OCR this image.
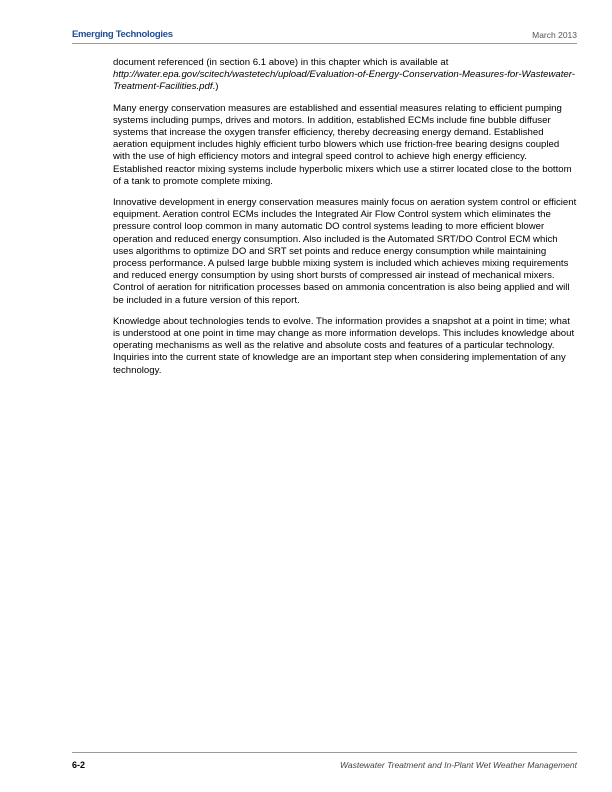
Emerging Technologies	March 2013

document referenced (in section 6.1 above) in this chapter which is available at http://water.epa.gov/scitech/wastetech/upload/Evaluation-of-Energy-Conservation-Measures-for-Wastewater-Treatment-Facilities.pdf.)

Many energy conservation measures are established and essential measures relating to efficient pumping systems including pumps, drives and motors. In addition, established ECMs include fine bubble diffuser systems that increase the oxygen transfer efficiency, thereby decreasing energy demand. Established aeration equipment includes highly efficient turbo blowers which use friction-free bearing designs coupled with the use of high efficiency motors and integral speed control to achieve high energy efficiency. Established reactor mixing systems include hyperbolic mixers which use a stirrer located close to the bottom of a tank to promote complete mixing.

Innovative development in energy conservation measures mainly focus on aeration system control or efficient equipment. Aeration control ECMs includes the Integrated Air Flow Control system which eliminates the pressure control loop common in many automatic DO control systems leading to more efficient blower operation and reduced energy consumption. Also included is the Automated SRT/DO Control ECM which uses algorithms to optimize DO and SRT set points and reduce energy consumption while maintaining process performance. A pulsed large bubble mixing system is included which achieves mixing requirements and reduced energy consumption by using short bursts of compressed air instead of mechanical mixers. Control of aeration for nitrification processes based on ammonia concentration is also being applied and will be included in a future version of this report.

Knowledge about technologies tends to evolve. The information provides a snapshot at a point in time; what is understood at one point in time may change as more information develops. This includes knowledge about operating mechanisms as well as the relative and absolute costs and features of a particular technology. Inquiries into the current state of knowledge are an important step when considering implementation of any technology.

6-2	Wastewater Treatment and In-Plant Wet Weather Management
